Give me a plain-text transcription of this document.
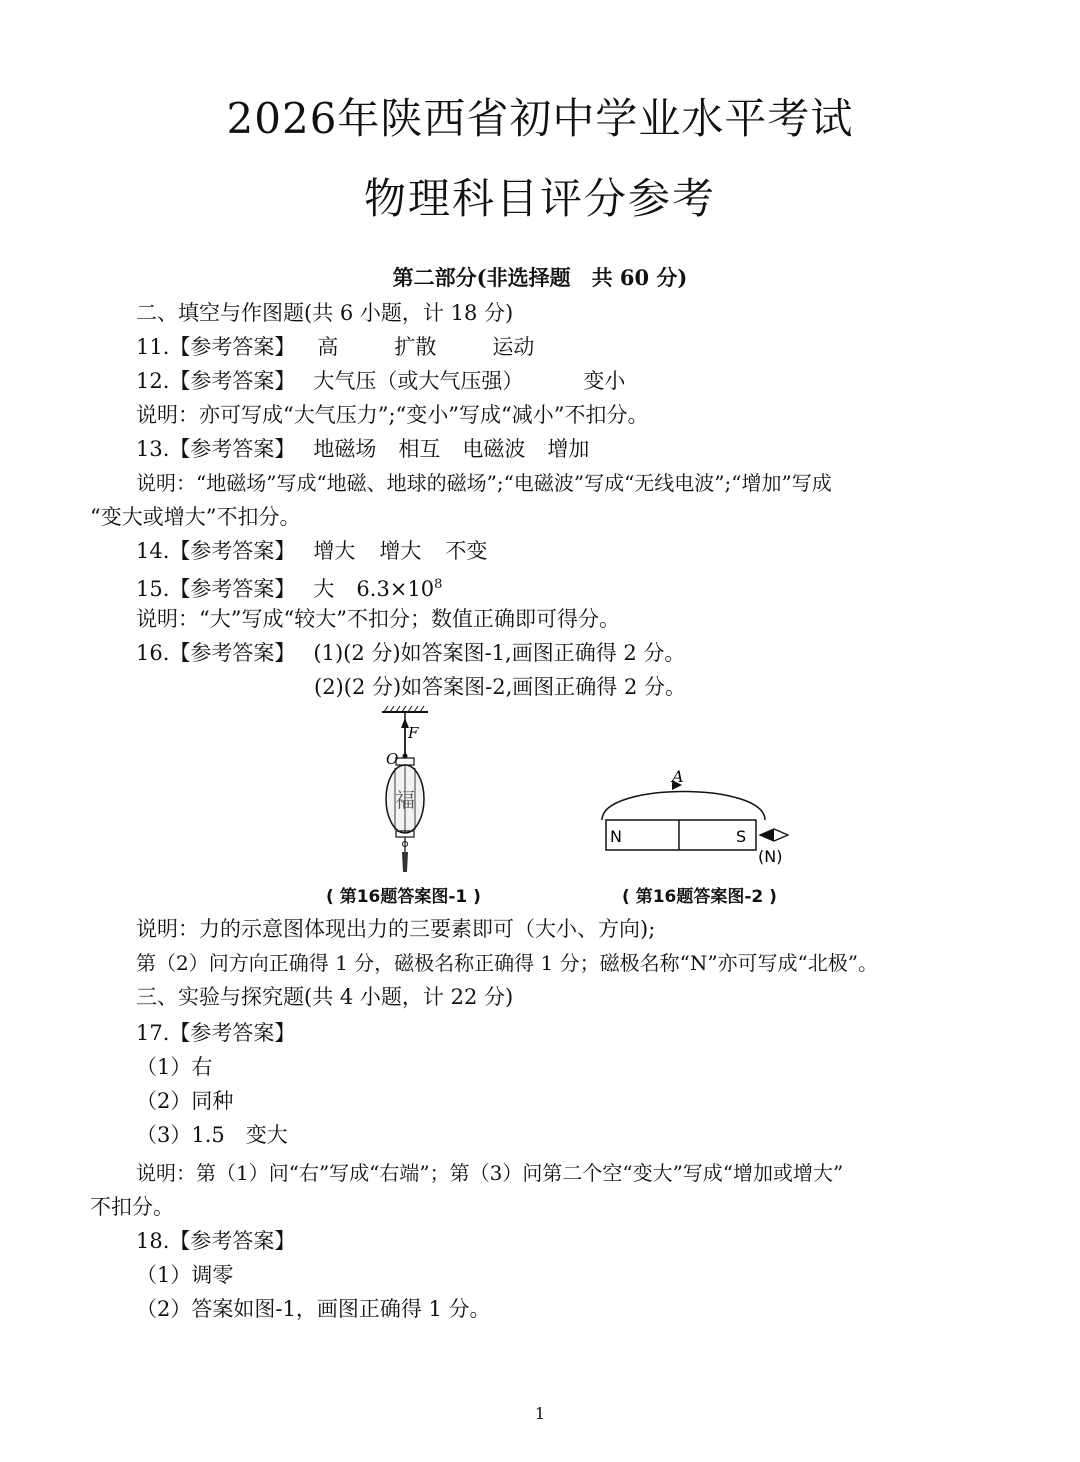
2026年陕西省初中学业水平考试
物理科目评分参考
第二部分(非选择题　共 60 分)
二、填空与作图题(共 6 小题，计 18 分)
11.【参考答案】 高	扩散	运动
12.【参考答案】 大气压（或大气压强）	变小
说明：亦可写成“大气压力”;“变小”写成“减小”不扣分。
13.【参考答案】 地磁场 相互 电磁波 增加
说明：“地磁场”写成“地磁、地球的磁场”;“电磁波”写成“无线电波”;“增加”写成
“变大或增大”不扣分。
14.【参考答案】 增大 增大 不变
15.【参考答案】 大 $6.3\times 10^8$
说明：“大”写成“较大”不扣分；数值正确即可得分。
16.【参考答案】 (1)(2 分)如答案图-1,画图正确得 2 分。
(2)(2 分)如答案图-2,画图正确得 2 分。
F
O
福
( 第16题答案图-1 )
A
N	S
(N)
( 第16题答案图-2 )
说明：力的示意图体现出力的三要素即可（大小、方向);
第（2）问方向正确得 1 分，磁极名称正确得 1 分；磁极名称“N”亦可写成“北极”。
三、实验与探究题(共 4 小题，计 22 分)
17.【参考答案】
（1）右
（2）同种
（3）1.5　变大
说明：第（1）问“右”写成“右端”；第（3）问第二个空“变大”写成“增加或增大”
不扣分。
18.【参考答案】
（1）调零
（2）答案如图-1，画图正确得 1 分。
1
